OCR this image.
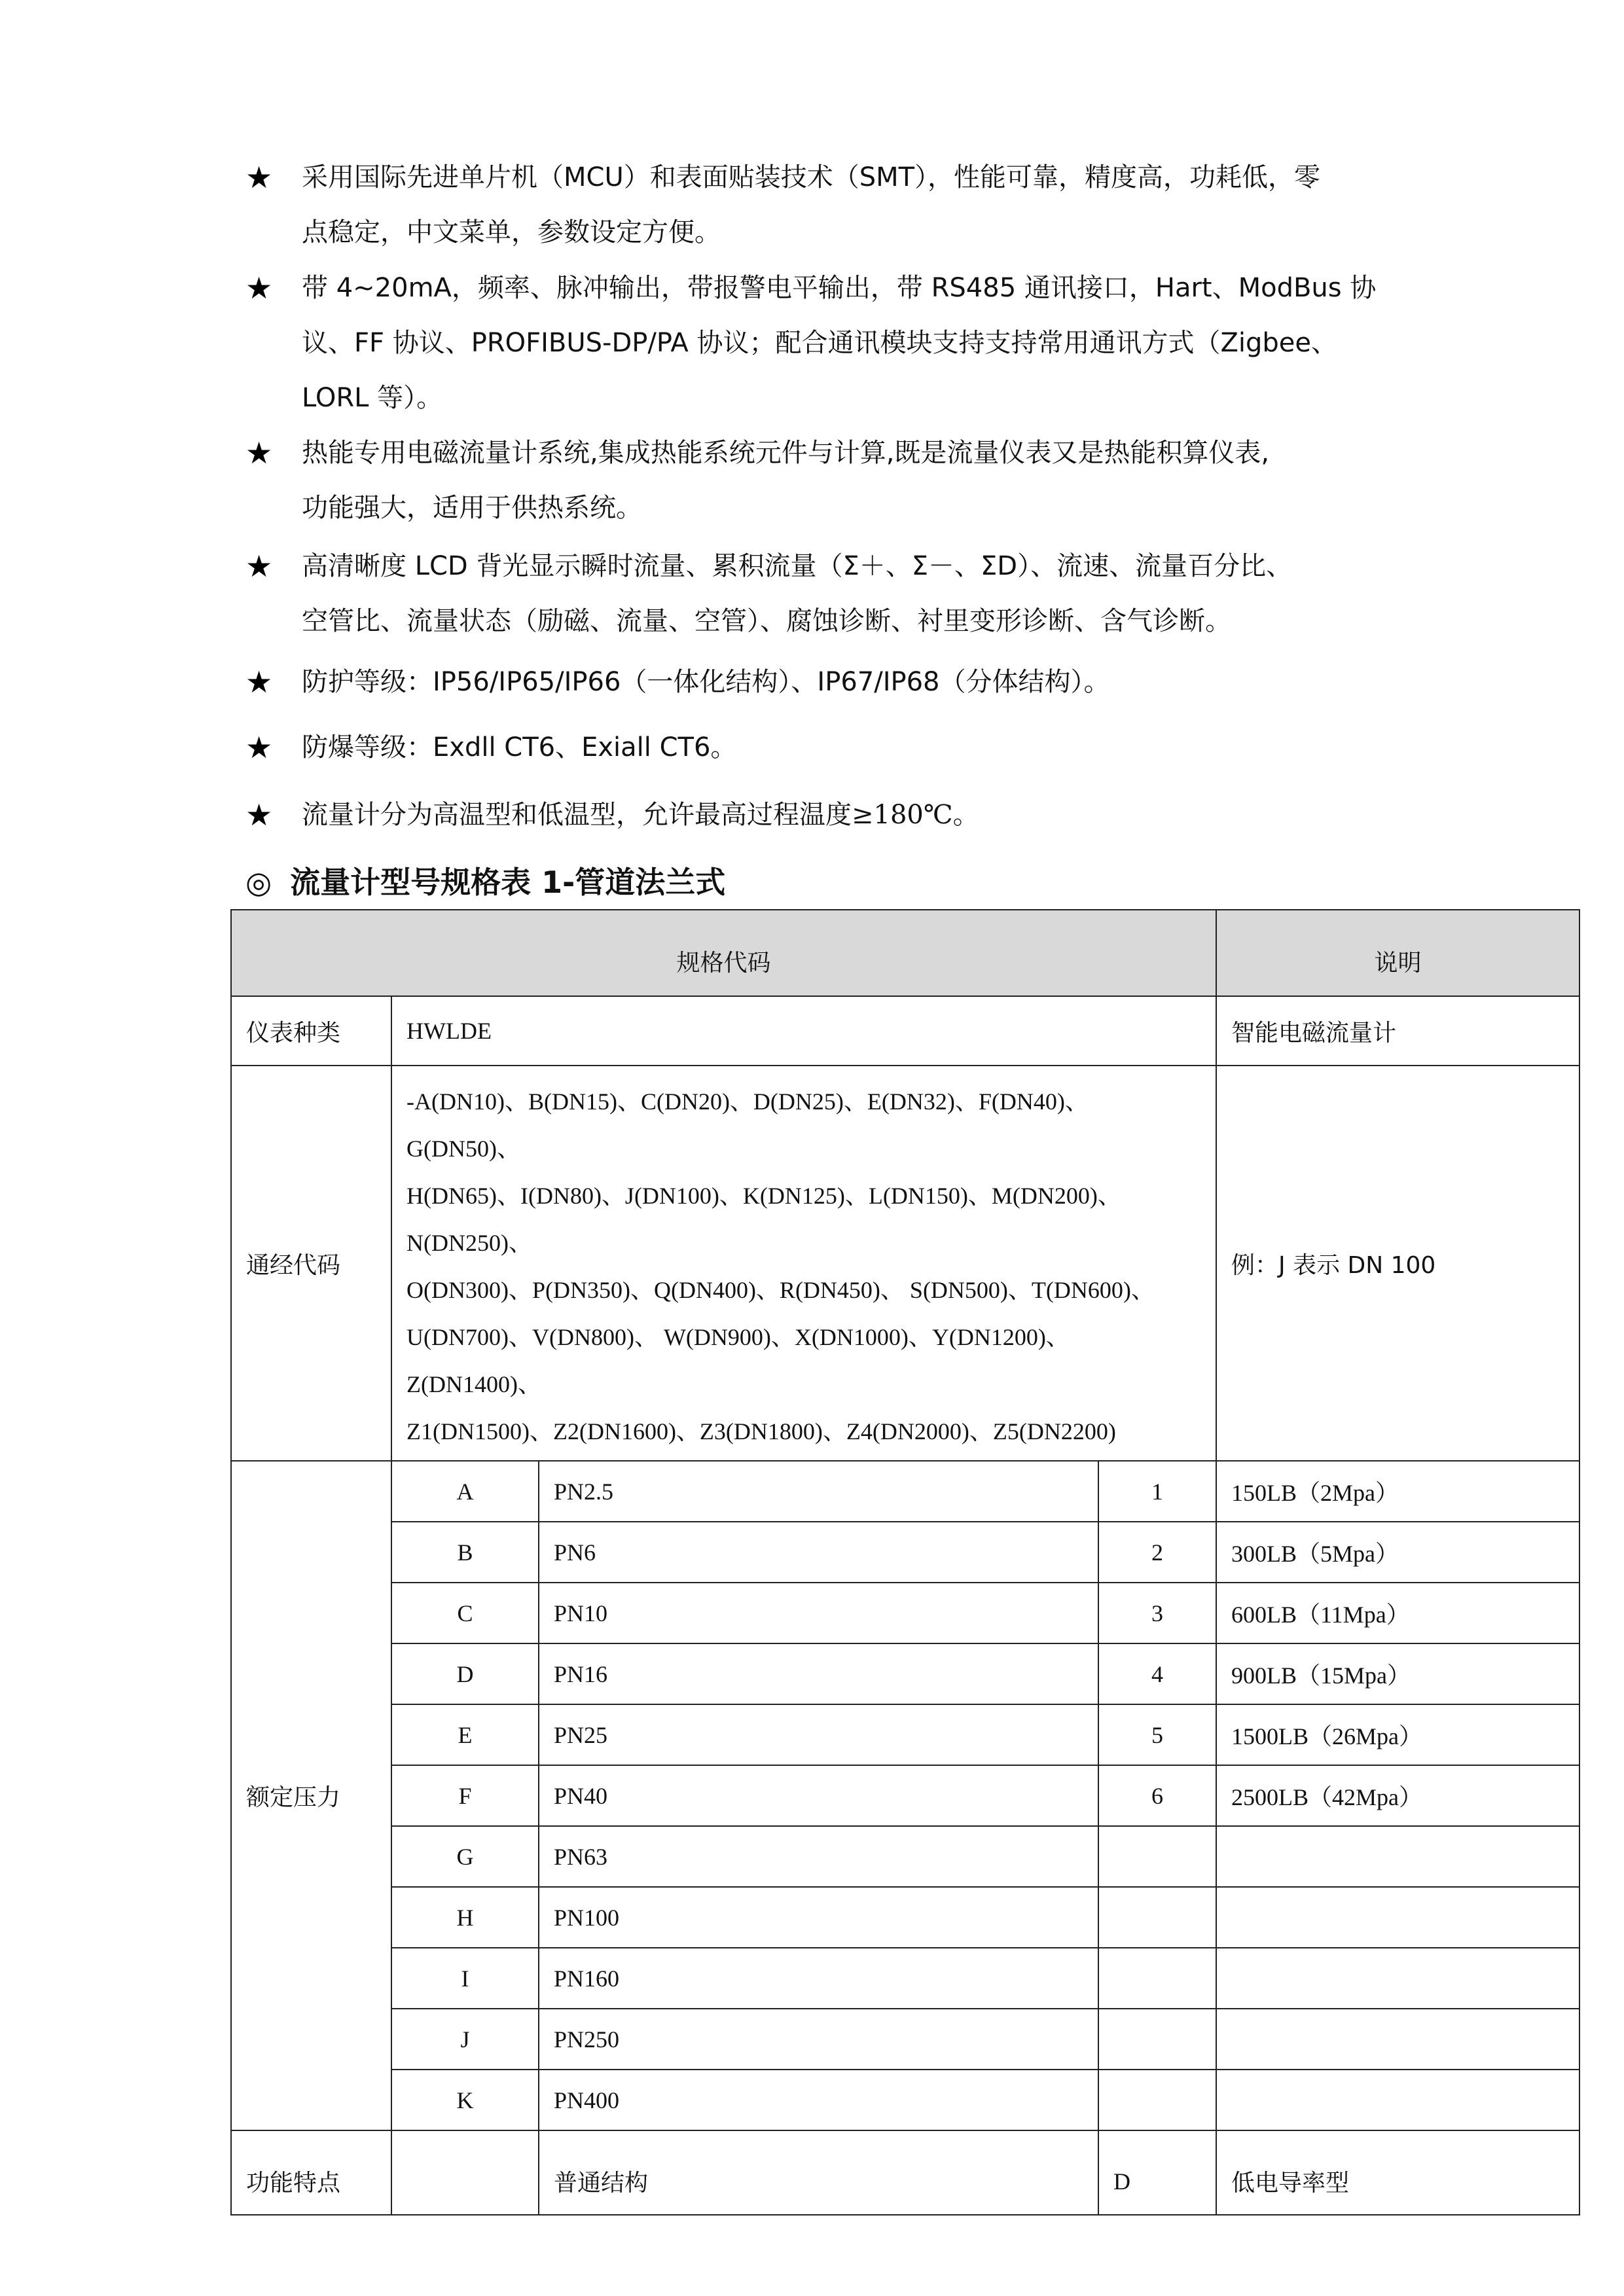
★ 采用国际先进单片机（MCU）和表面贴装技术（SMT），性能可靠，精度高，功耗低，零
点稳定，中文菜单，参数设定方便。
★ 带 4~20mA，频率、脉冲输出，带报警电平输出，带 RS485 通讯接口，Hart、ModBus 协
议、FF 协议、PROFIBUS-DP/PA 协议；配合通讯模块支持支持常用通讯方式（Zigbee、
LORL 等）。
★ 热能专用电磁流量计系统,集成热能系统元件与计算,既是流量仪表又是热能积算仪表,
功能强大，适用于供热系统。
★ 高清晰度 LCD 背光显示瞬时流量、累积流量（Σ＋、Σ－、ΣD）、流速、流量百分比、
空管比、流量状态（励磁、流量、空管）、腐蚀诊断、衬里变形诊断、含气诊断。
★ 防护等级：IP56/IP65/IP66（一体化结构）、IP67/IP68（分体结构）。
★ 防爆等级：Exdll CT6、Exiall CT6。
★ 流量计分为高温型和低温型，允许最高过程温度≥180℃。
◎ 流量计型号规格表 1-管道法兰式
规格代码				说明
仪表种类	HWLDE			智能电磁流量计
通经代码	-A(DN10)、B(DN15)、C(DN20)、D(DN25)、E(DN32)、F(DN40)、G(DN50)、
H(DN65)、I(DN80)、J(DN100)、K(DN125)、L(DN150)、M(DN200)、N(DN250)、
O(DN300)、P(DN350)、Q(DN400)、R(DN450)、 S(DN500)、T(DN600)、
U(DN700)、V(DN800)、 W(DN900)、X(DN1000)、Y(DN1200)、Z(DN1400)、
Z1(DN1500)、Z2(DN1600)、Z3(DN1800)、Z4(DN2000)、Z5(DN2200)			例：J 表示 DN 100
额定压力	A	PN2.5	1	150LB（2Mpa）
	B	PN6	2	300LB（5Mpa）
	C	PN10	3	600LB（11Mpa）
	D	PN16	4	900LB（15Mpa）
	E	PN25	5	1500LB（26Mpa）
	F	PN40	6	2500LB（42Mpa）
	G	PN63		
	H	PN100		
	I	PN160		
	J	PN250		
	K	PN400		
功能特点		普通结构	D	低电导率型
